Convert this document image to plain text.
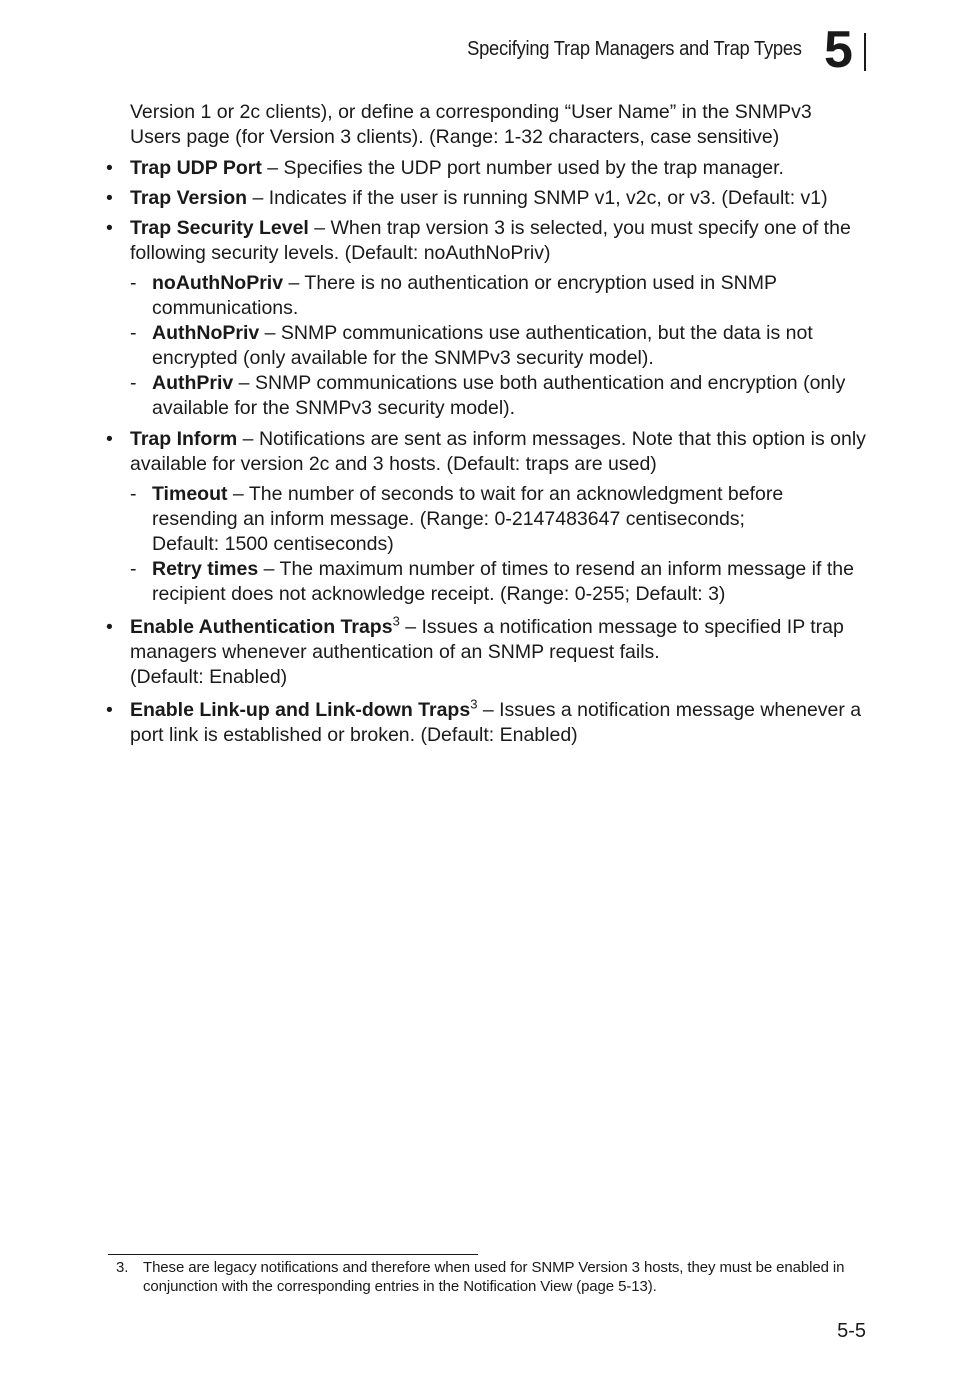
Specifying Trap Managers and Trap Types 5

Version 1 or 2c clients), or define a corresponding “User Name” in the SNMPv3 Users page (for Version 3 clients). (Range: 1-32 characters, case sensitive)

• Trap UDP Port – Specifies the UDP port number used by the trap manager.
• Trap Version – Indicates if the user is running SNMP v1, v2c, or v3. (Default: v1)
• Trap Security Level – When trap version 3 is selected, you must specify one of the following security levels. (Default: noAuthNoPriv)
- noAuthNoPriv – There is no authentication or encryption used in SNMP communications.
- AuthNoPriv – SNMP communications use authentication, but the data is not encrypted (only available for the SNMPv3 security model).
- AuthPriv – SNMP communications use both authentication and encryption (only available for the SNMPv3 security model).
• Trap Inform – Notifications are sent as inform messages. Note that this option is only available for version 2c and 3 hosts. (Default: traps are used)
- Timeout – The number of seconds to wait for an acknowledgment before resending an inform message. (Range: 0-2147483647 centiseconds;
Default: 1500 centiseconds)
- Retry times – The maximum number of times to resend an inform message if the recipient does not acknowledge receipt. (Range: 0-255; Default: 3)
• Enable Authentication Traps$^3$ – Issues a notification message to specified IP trap managers whenever authentication of an SNMP request fails.
(Default: Enabled)
• Enable Link-up and Link-down Traps$^3$ – Issues a notification message whenever a port link is established or broken. (Default: Enabled)
3. These are legacy notifications and therefore when used for SNMP Version 3 hosts, they must be enabled in conjunction with the corresponding entries in the Notification View (page 5-13).
5-5
